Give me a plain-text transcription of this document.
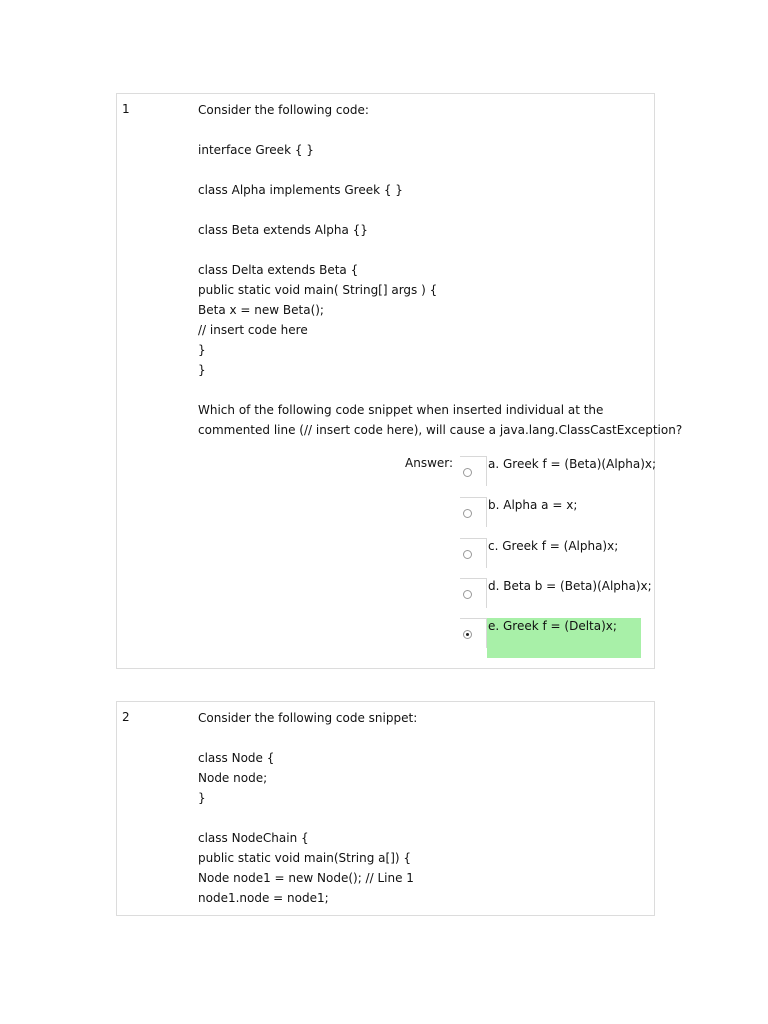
1	Consider the following code:
interface Greek { }
class Alpha implements Greek { }
class Beta extends Alpha {}
class Delta extends Beta {
public static void main( String[] args ) {
Beta x = new Beta();
// insert code here
}
}
Which of the following code snippet when inserted individual at the
commented line (// insert code here), will cause a java.lang.ClassCastException?
Answer:	a. Greek f = (Beta)(Alpha)x;
b. Alpha a = x;
c. Greek f = (Alpha)x;
d. Beta b = (Beta)(Alpha)x;
e. Greek f = (Delta)x;
2	Consider the following code snippet:
class Node {
Node node;
}
class NodeChain {
public static void main(String a[]) {
Node node1 = new Node(); // Line 1
node1.node = node1;
